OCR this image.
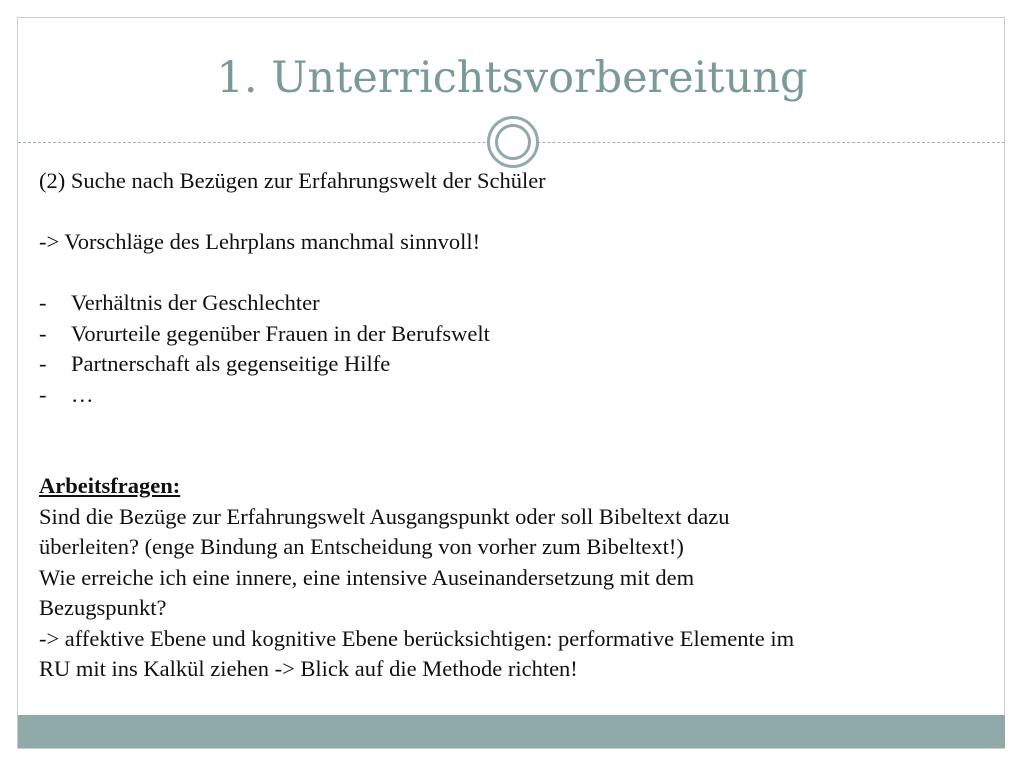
1. Unterrichtsvorbereitung

(2) Suche nach Bezügen zur Erfahrungswelt der Schüler

-> Vorschläge des Lehrplans manchmal sinnvoll!

-	Verhältnis der Geschlechter
-	Vorurteile gegenüber Frauen in der Berufswelt
-	Partnerschaft als gegenseitige Hilfe
-	…

Arbeitsfragen:

Sind die Bezüge zur Erfahrungswelt Ausgangspunkt oder soll Bibeltext dazu

überleiten? (enge Bindung an Entscheidung von vorher zum Bibeltext!)

Wie erreiche ich eine innere, eine intensive Auseinandersetzung mit dem

Bezugspunkt?

-> affektive Ebene und kognitive Ebene berücksichtigen: performative Elemente im

RU mit ins Kalkül ziehen -> Blick auf die Methode richten!
